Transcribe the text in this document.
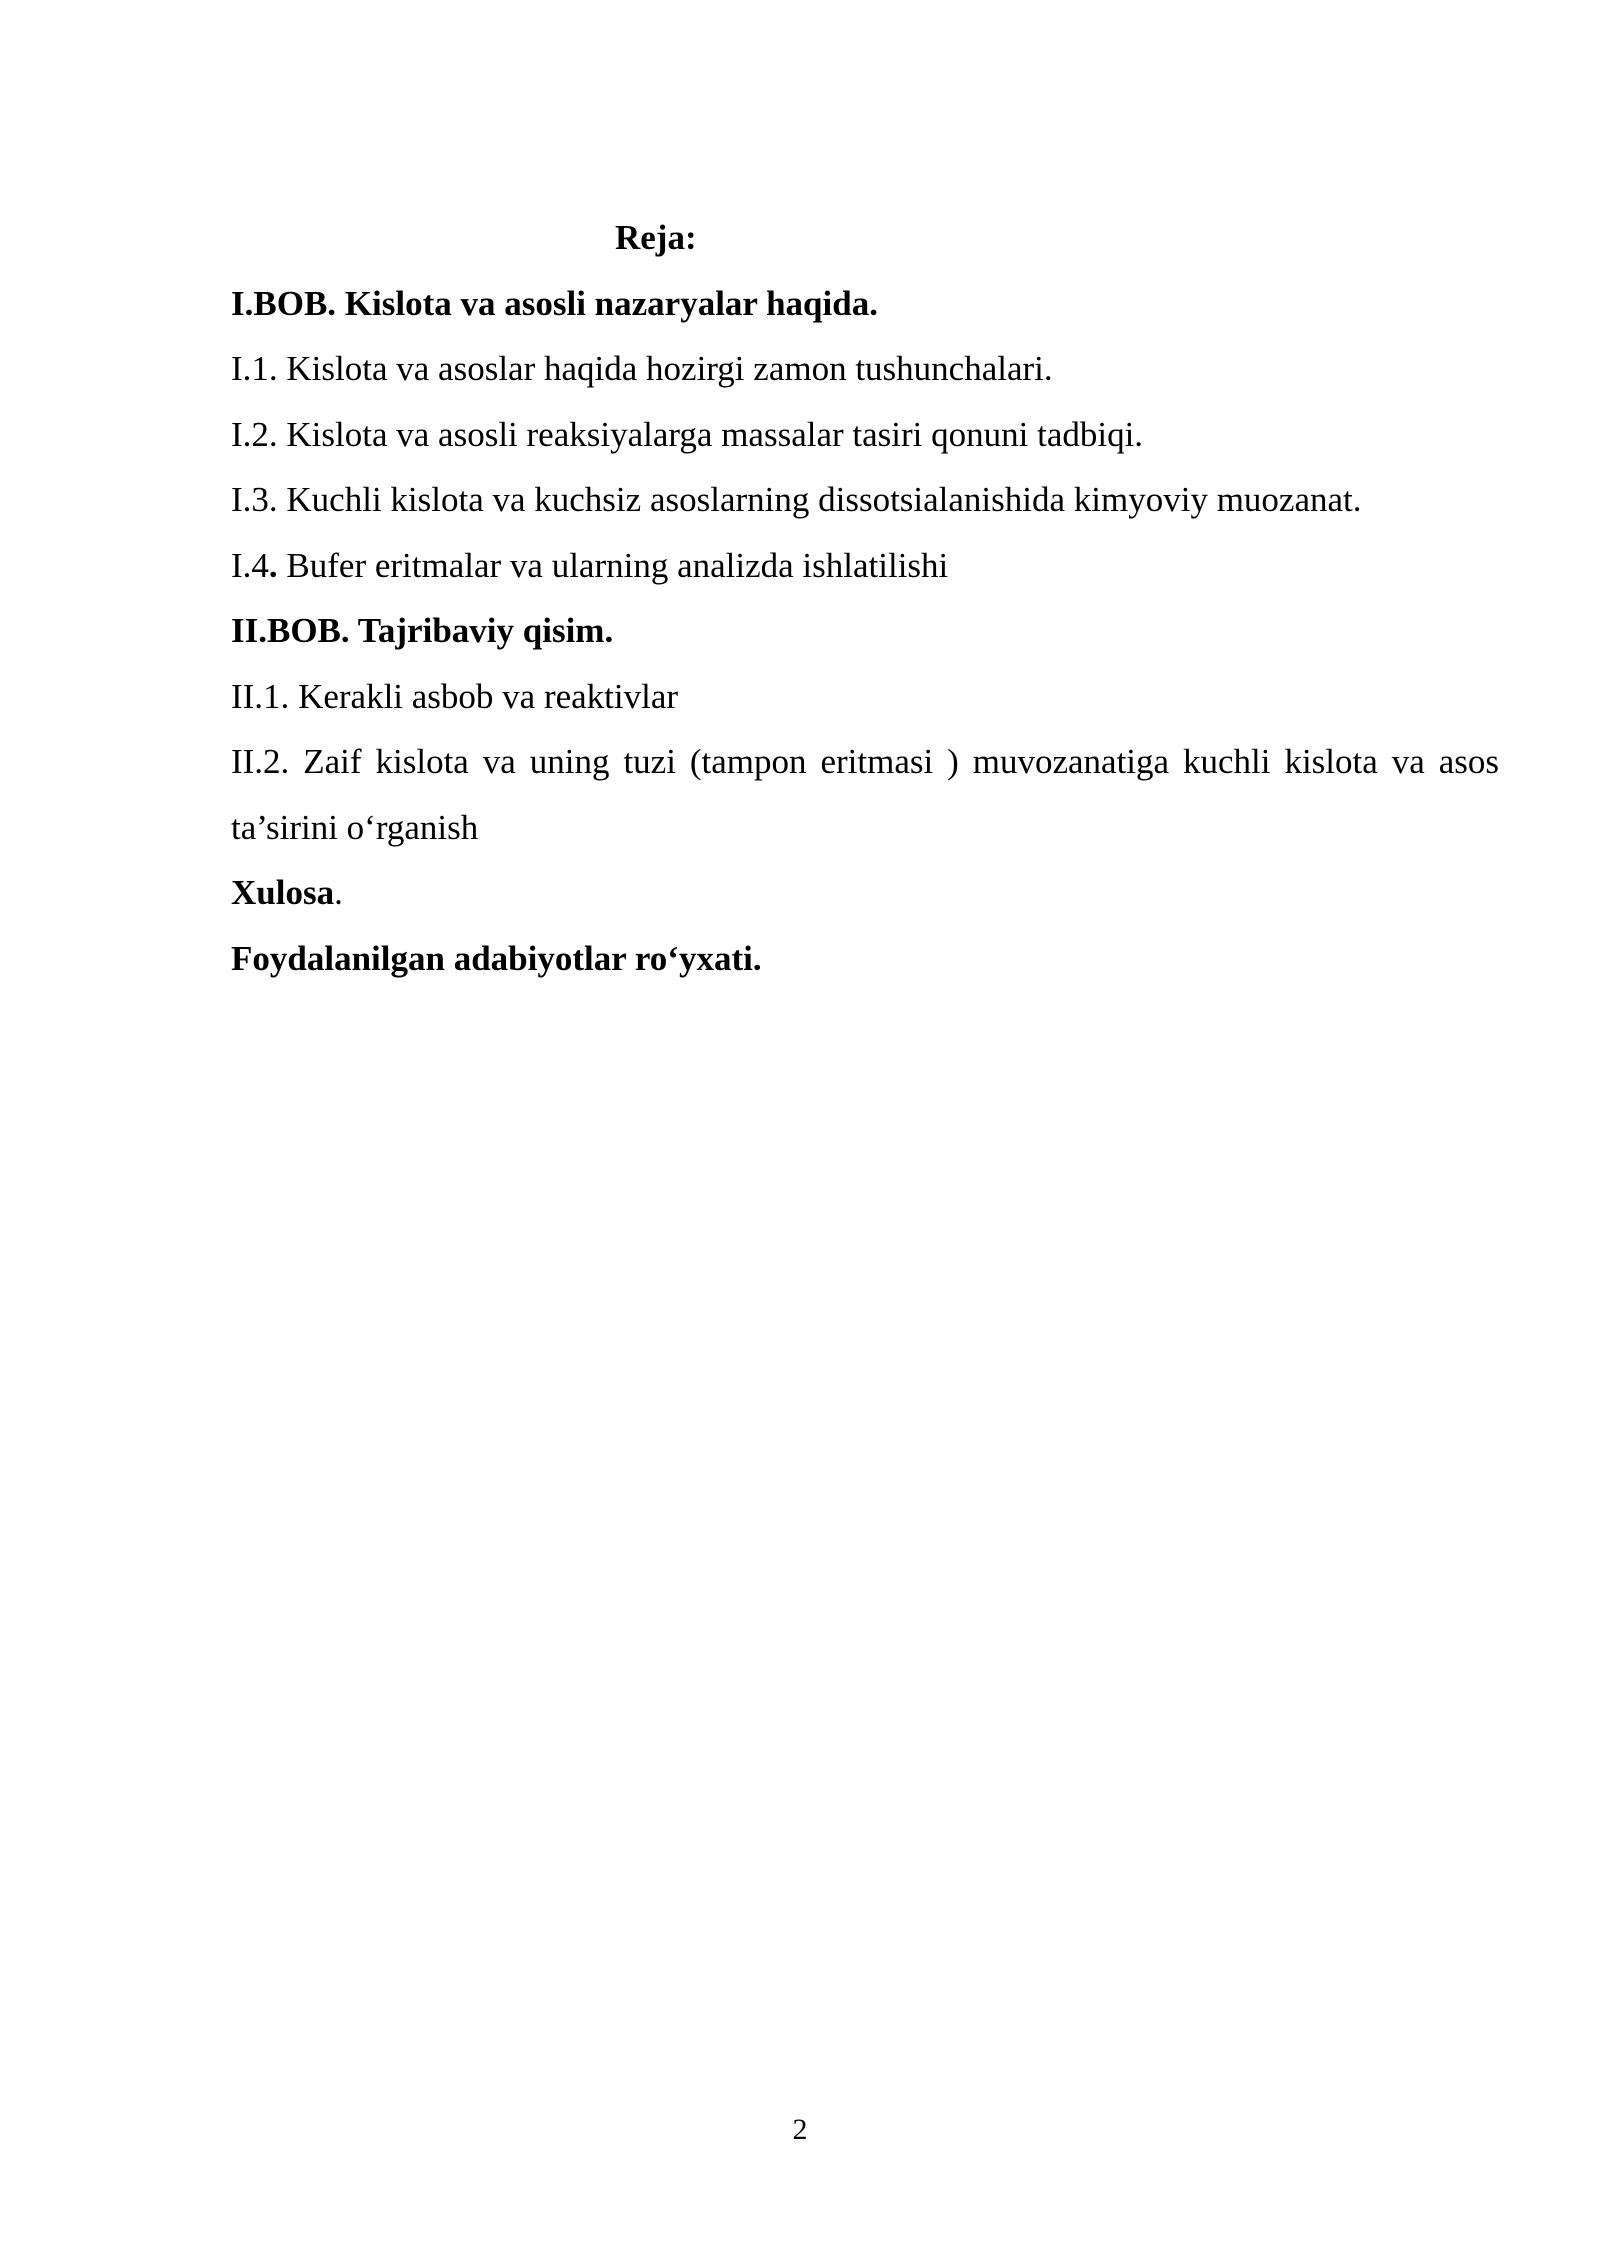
Reja:

I.BOB. Kislota va asosli nazaryalar haqida.

I.1. Kislota va asoslar haqida hozirgi zamon tushunchalari.

I.2. Kislota va asosli reaksiyalarga massalar tasiri qonuni tadbiqi.

I.3. Kuchli kislota va kuchsiz asoslarning dissotsialanishida kimyoviy muozanat.

I.4. Bufer eritmalar va ularning analizda ishlatilishi

II.BOB. Tajribaviy qisim.

II.1. Kerakli asbob va reaktivlar

II.2. Zaif kislota va uning tuzi (tampon eritmasi ) muvozanatiga kuchli kislota va asos ta’sirini o‘rganish

Xulosa.

Foydalanilgan adabiyotlar ro‘yxati.

2
